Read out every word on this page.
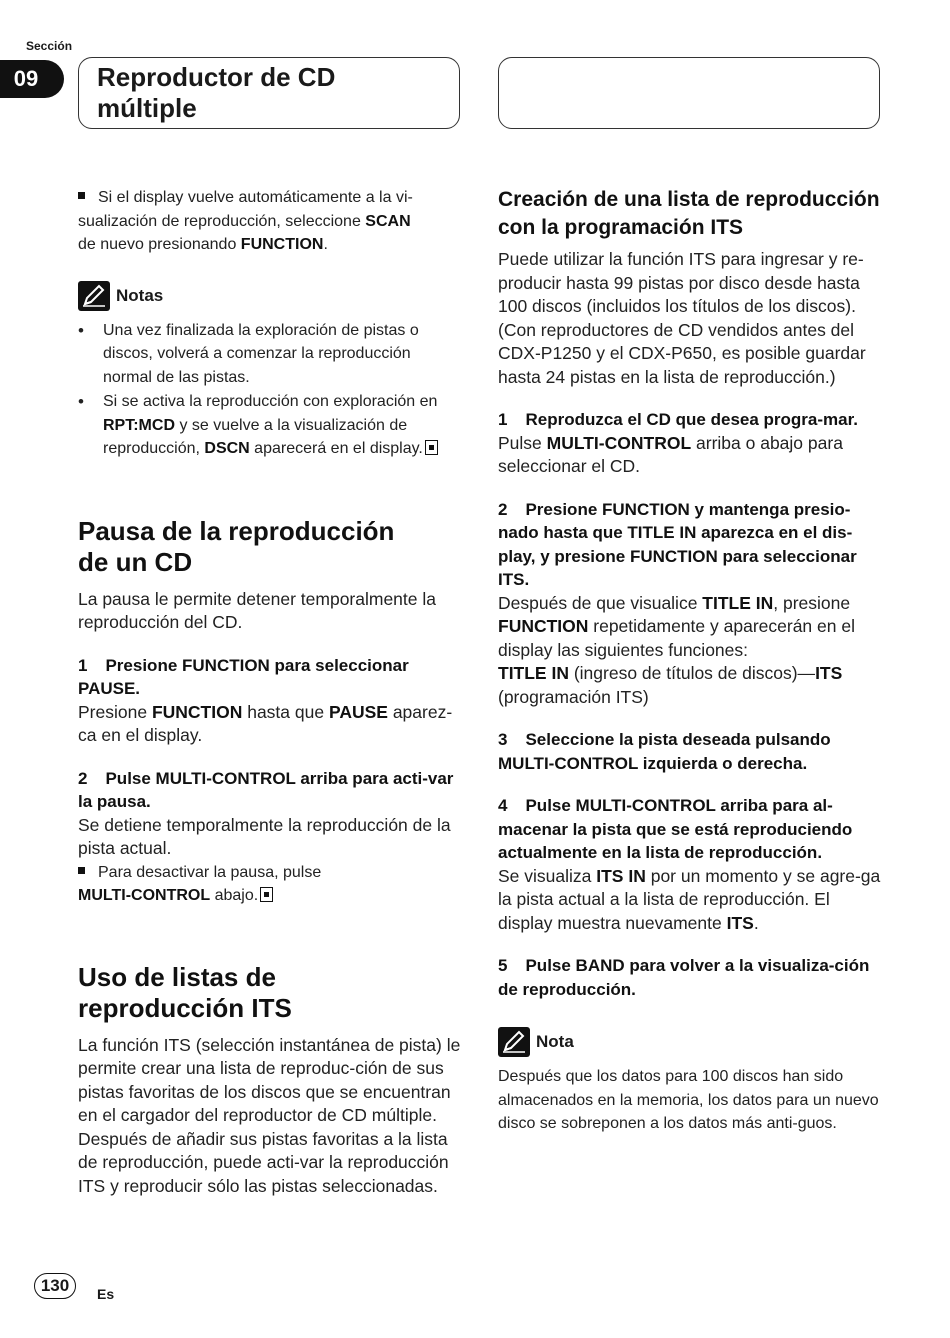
Sección
09	Reproductor de CD
múltiple

Si el display vuelve automáticamente a la vi-
sualización de reproducción, seleccione SCAN
de nuevo presionando FUNCTION.

Notas
• Una vez finalizada la exploración de pistas o discos, volverá a comenzar la reproducción normal de las pistas.
• Si se activa la reproducción con exploración en RPT:MCD y se vuelve a la visualización de reproducción, DSCN aparecerá en el display.
Pausa de la reproducción
de un CD

La pausa le permite detener temporalmente la reproducción del CD.

1 Presione FUNCTION para seleccionar PAUSE.

Presione FUNCTION hasta que PAUSE aparez-ca en el display.

2 Pulse MULTI-CONTROL arriba para acti-var la pausa.

Se detiene temporalmente la reproducción de la pista actual.

Para desactivar la pausa, pulse
MULTI-CONTROL abajo.

Uso de listas de
reproducción ITS

La función ITS (selección instantánea de pista) le permite crear una lista de reproduc-ción de sus pistas favoritas de los discos que se encuentran en el cargador del reproductor de CD múltiple. Después de añadir sus pistas favoritas a la lista de reproducción, puede acti-var la reproducción ITS y reproducir sólo las pistas seleccionadas.

Creación de una lista de reproducción con la programación ITS

Puede utilizar la función ITS para ingresar y re-producir hasta 99 pistas por disco desde hasta 100 discos (incluidos los títulos de los discos). (Con reproductores de CD vendidos antes del CDX-P1250 y el CDX-P650, es posible guardar hasta 24 pistas en la lista de reproducción.)

1 Reproduzca el CD que desea progra-mar.

Pulse MULTI-CONTROL arriba o abajo para seleccionar el CD.

2 Presione FUNCTION y mantenga presio-nado hasta que TITLE IN aparezca en el dis-play, y presione FUNCTION para seleccionar ITS.

Después de que visualice TITLE IN, presione FUNCTION repetidamente y aparecerán en el display las siguientes funciones:
TITLE IN (ingreso de títulos de discos)—ITS (programación ITS)

3 Seleccione la pista deseada pulsando MULTI-CONTROL izquierda o derecha.

4 Pulse MULTI-CONTROL arriba para al-macenar la pista que se está reproduciendo actualmente en la lista de reproducción.

Se visualiza ITS IN por un momento y se agre-ga la pista actual a la lista de reproducción. El display muestra nuevamente ITS.

5 Pulse BAND para volver a la visualiza-ción de reproducción.

Nota

Después que los datos para 100 discos han sido almacenados en la memoria, los datos para un nuevo disco se sobreponen a los datos más anti-guos.

130	Es
